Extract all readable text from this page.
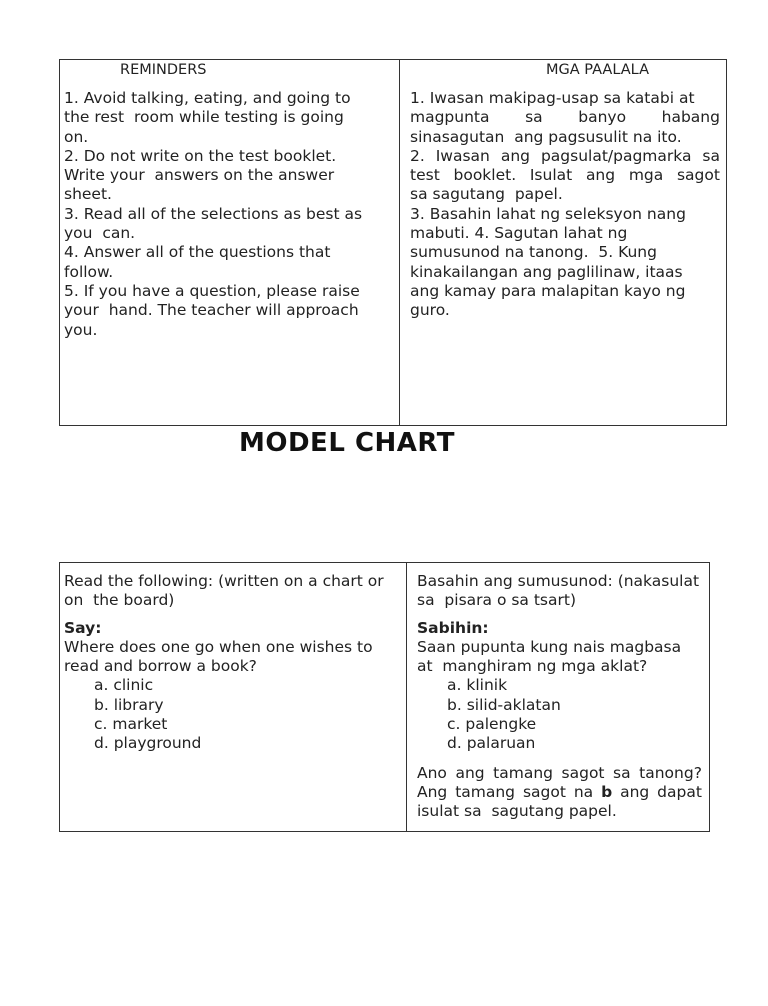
REMINDERS
1. Avoid talking, eating, and going to
the rest  room while testing is going
on.
2. Do not write on the test booklet.
Write your  answers on the answer
sheet.
3. Read all of the selections as best as
you  can.
4. Answer all of the questions that
follow.
5. If you have a question, please raise
your  hand. The teacher will approach
you.
MGA PAALALA
1. Iwasan makipag-usap sa katabi at
magpunta sa banyo habang
sinasagutan  ang pagsusulit na ito.
2. Iwasan ang pagsulat/pagmarka sa
test booklet. Isulat ang mga sagot
sa sagutang  papel.
3. Basahin lahat ng seleksyon nang
mabuti. 4. Sagutan lahat ng
sumusunod na tanong.  5. Kung
kinakailangan ang paglilinaw, itaas
ang kamay para malapitan kayo ng
guro.
MODEL CHART
Read the following: (written on a chart or
on  the board)
Say:
Where does one go when one wishes to
read and borrow a book?
a. clinic
b. library
c. market
d. playground
Basahin ang sumusunod: (nakasulat
sa  pisara o sa tsart)
Sabihin:
Saan pupunta kung nais magbasa
at  manghiram ng mga aklat?
a. klinik
b. silid-aklatan
c. palengke
d. palaruan
Ano ang tamang sagot sa tanong?
Ang tamang sagot na b ang dapat
isulat sa  sagutang papel.
